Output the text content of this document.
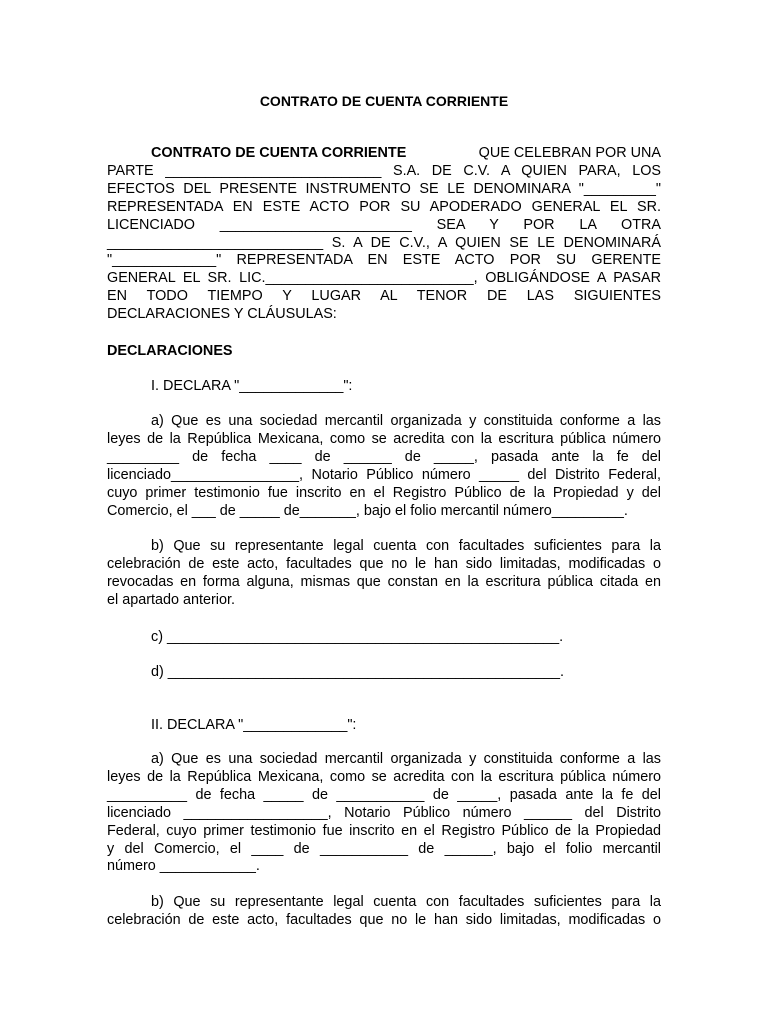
CONTRATO DE CUENTA CORRIENTE
CONTRATO DE CUENTA CORRIENTE	QUE CELEBRAN POR UNA
PARTE ___________________________ S.A. DE C.V. A QUIEN PARA, LOS
EFECTOS DEL PRESENTE INSTRUMENTO SE LE DENOMINARA "_________"
REPRESENTADA EN ESTE ACTO POR SU APODERADO GENERAL EL SR.
LICENCIADO ________________________ SEA Y POR LA OTRA
___________________________ S. A DE C.V., A QUIEN SE LE DENOMINARÁ
"_____________" REPRESENTADA EN ESTE ACTO POR SU GERENTE
GENERAL EL SR. LIC.__________________________, OBLIGÁNDOSE A PASAR
EN TODO TIEMPO Y LUGAR AL TENOR DE LAS SIGUIENTES
DECLARACIONES Y CLÁUSULAS:
DECLARACIONES
I. DECLARA "_____________":
a) Que es una sociedad mercantil organizada y constituida conforme a las
leyes de la República Mexicana, como se acredita con la escritura pública número
_________ de fecha ____ de ______ de _____, pasada ante la fe del
licenciado________________, Notario Público número _____ del Distrito Federal,
cuyo primer testimonio fue inscrito en el Registro Público de la Propiedad y del
Comercio, el ___ de _____ de_______, bajo el folio mercantil número_________.
b) Que su representante legal cuenta con facultades suficientes para la
celebración de este acto, facultades que no le han sido limitadas, modificadas o
revocadas en forma alguna, mismas que constan en la escritura pública citada en
el apartado anterior.
c) _________________________________________________.
d) _________________________________________________.
II. DECLARA "_____________":
a) Que es una sociedad mercantil organizada y constituida conforme a las
leyes de la República Mexicana, como se acredita con la escritura pública número
__________ de fecha _____ de ___________ de _____, pasada ante la fe del
licenciado __________________, Notario Público número ______ del Distrito
Federal, cuyo primer testimonio fue inscrito en el Registro Público de la Propiedad
y del Comercio, el ____ de ___________ de ______, bajo el folio mercantil
número ____________.
b) Que su representante legal cuenta con facultades suficientes para la
celebración de este acto, facultades que no le han sido limitadas, modificadas o
